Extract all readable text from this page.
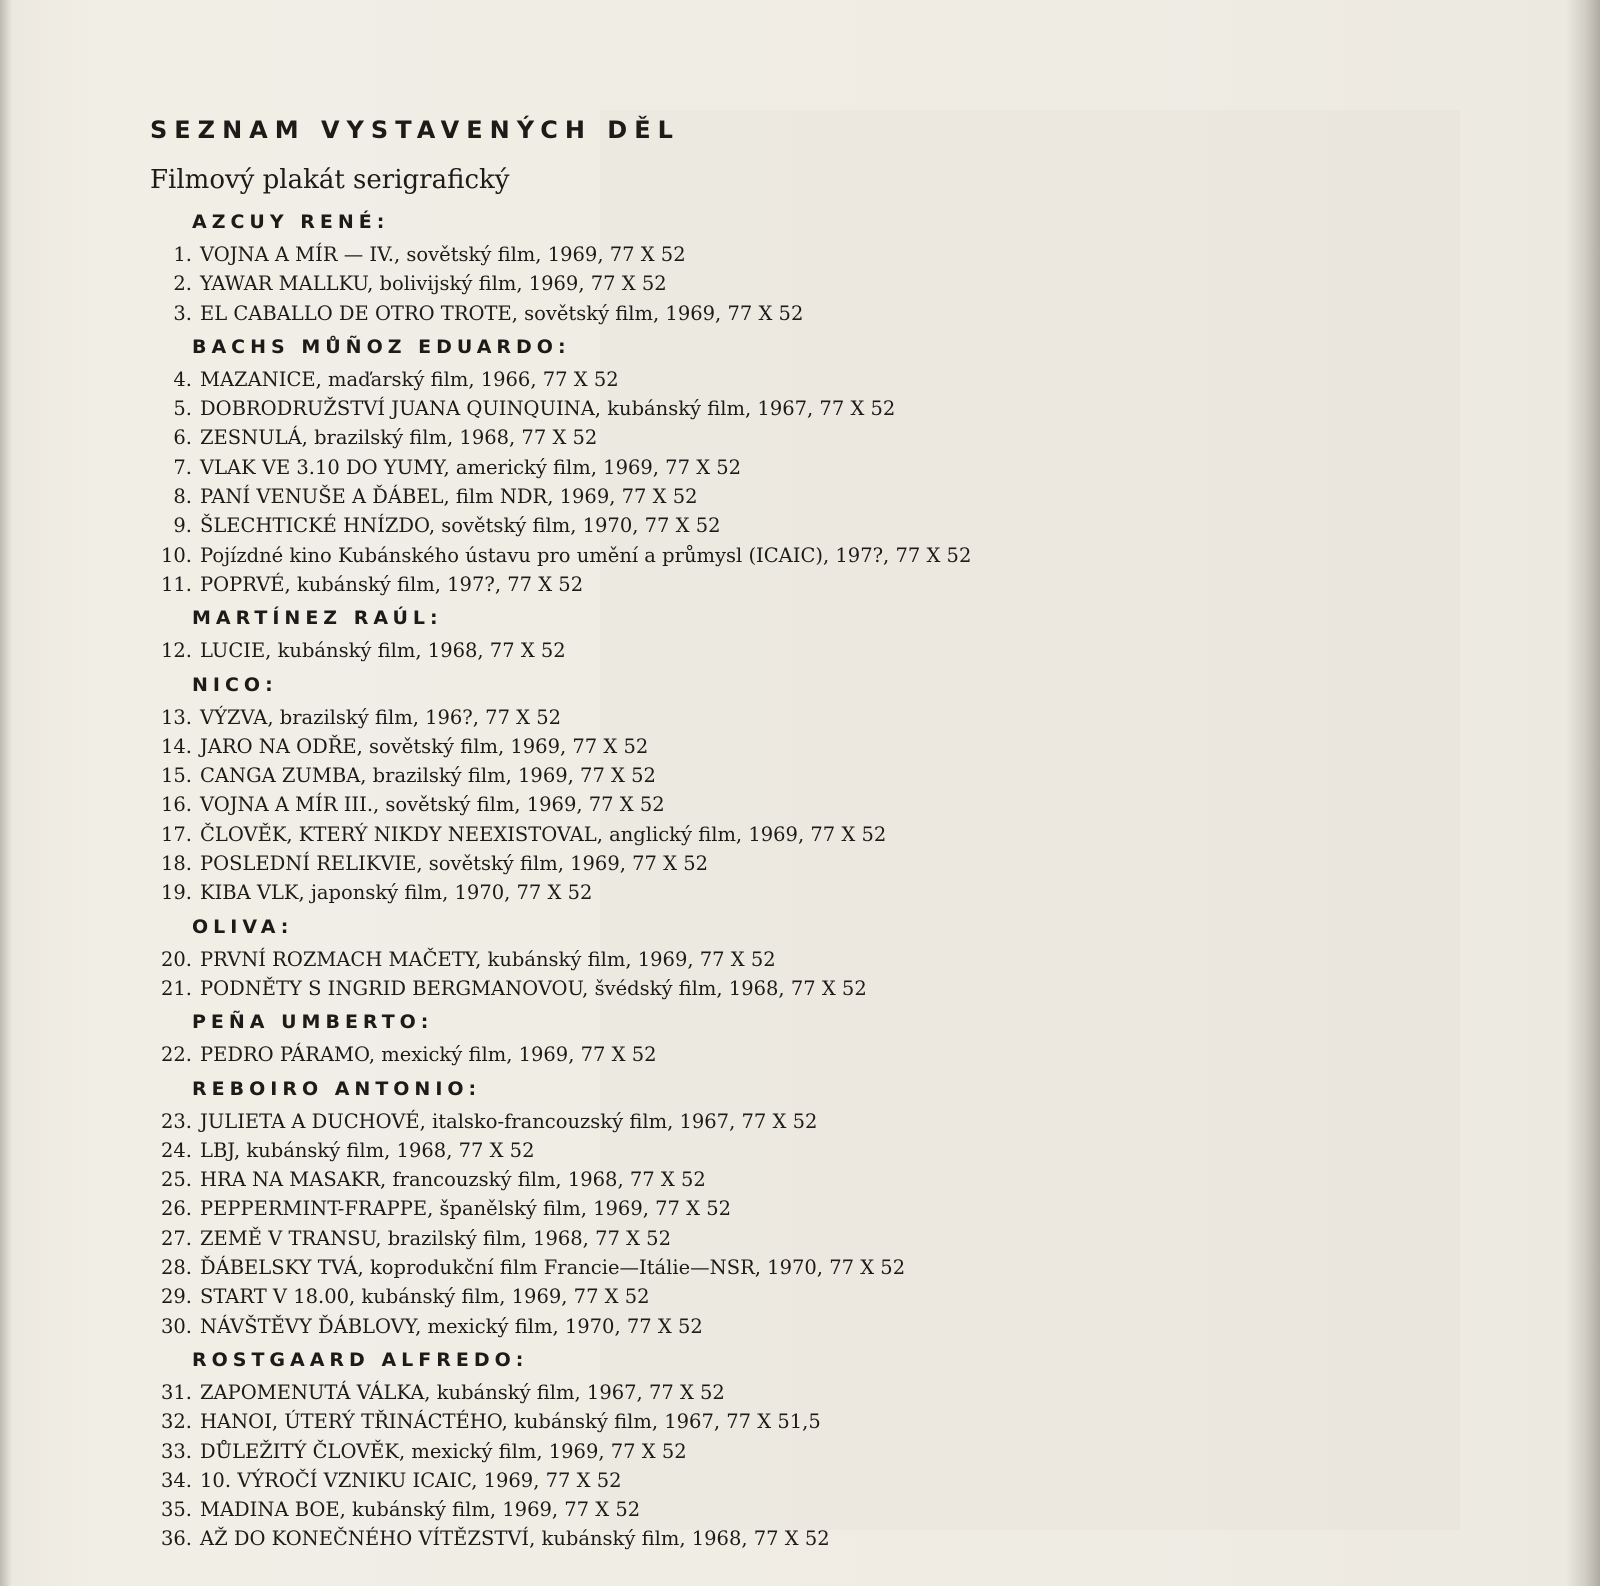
SEZNAM VYSTAVENÝCH DĚL
Filmový plakát serigrafický
AZCUY RENÉ:
1. VOJNA A MÍR — IV., sovětský film, 1969, 77 X 52
2. YAWAR MALLKU, bolivijský film, 1969, 77 X 52
3. EL CABALLO DE OTRO TROTE, sovětský film, 1969, 77 X 52
BACHS MŮÑOZ EDUARDO:
4. MAZANICE, maďarský film, 1966, 77 X 52
5. DOBRODRUŽSTVÍ JUANA QUINQUINA, kubánský film, 1967, 77 X 52
6. ZESNULÁ, brazilský film, 1968, 77 X 52
7. VLAK VE 3.10 DO YUMY, americký film, 1969, 77 X 52
8. PANÍ VENUŠE A ĎÁBEL, film NDR, 1969, 77 X 52
9. ŠLECHTICKÉ HNÍZDO, sovětský film, 1970, 77 X 52
10. Pojízdné kino Kubánského ústavu pro umění a průmysl (ICAIC), 197?, 77 X 52
11. POPRVÉ, kubánský film, 197?, 77 X 52
MARTÍNEZ RAÚL:
12. LUCIE, kubánský film, 1968, 77 X 52
NICO:
13. VÝZVA, brazilský film, 196?, 77 X 52
14. JARO NA ODŘE, sovětský film, 1969, 77 X 52
15. CANGA ZUMBA, brazilský film, 1969, 77 X 52
16. VOJNA A MÍR III., sovětský film, 1969, 77 X 52
17. ČLOVĚK, KTERÝ NIKDY NEEXISTOVAL, anglický film, 1969, 77 X 52
18. POSLEDNÍ RELIKVIE, sovětský film, 1969, 77 X 52
19. KIBA VLK, japonský film, 1970, 77 X 52
OLIVA:
20. PRVNÍ ROZMACH MAČETY, kubánský film, 1969, 77 X 52
21. PODNĚTY S INGRID BERGMANOVOU, švédský film, 1968, 77 X 52
PEÑA UMBERTO:
22. PEDRO PÁRAMO, mexický film, 1969, 77 X 52
REBOIRO ANTONIO:
23. JULIETA A DUCHOVÉ, italsko-francouzský film, 1967, 77 X 52
24. LBJ, kubánský film, 1968, 77 X 52
25. HRA NA MASAKR, francouzský film, 1968, 77 X 52
26. PEPPERMINT-FRAPPE, španělský film, 1969, 77 X 52
27. ZEMĚ V TRANSU, brazilský film, 1968, 77 X 52
28. ĎÁBELSKY TVÁ, koprodukční film Francie—Itálie—NSR, 1970, 77 X 52
29. START V 18.00, kubánský film, 1969, 77 X 52
30. NÁVŠTĚVY ĎÁBLOVY, mexický film, 1970, 77 X 52
ROSTGAARD ALFREDO:
31. ZAPOMENUTÁ VÁLKA, kubánský film, 1967, 77 X 52
32. HANOI, ÚTERÝ TŘINÁCTÉHO, kubánský film, 1967, 77 X 51,5
33. DŮLEŽITÝ ČLOVĚK, mexický film, 1969, 77 X 52
34. 10. VÝROČÍ VZNIKU ICAIC, 1969, 77 X 52
35. MADINA BOE, kubánský film, 1969, 77 X 52
36. AŽ DO KONEČNÉHO VÍTĚZSTVÍ, kubánský film, 1968, 77 X 52
